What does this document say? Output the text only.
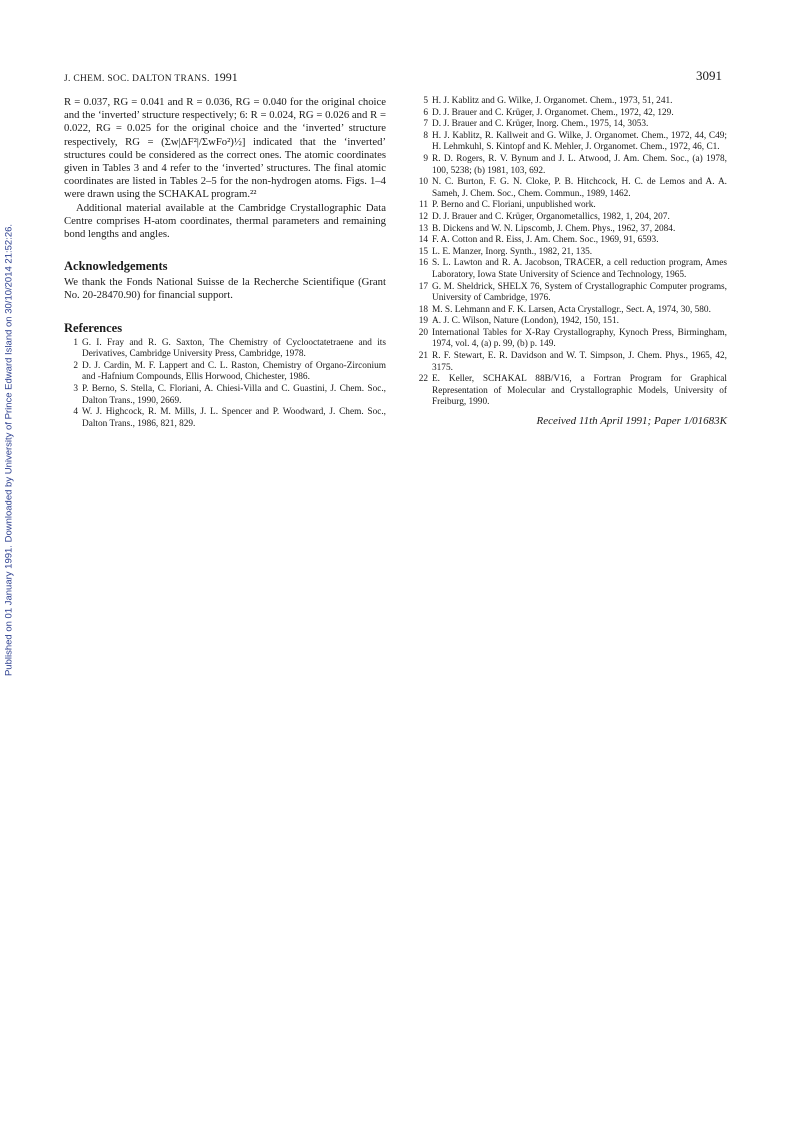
Published on 01 January 1991. Downloaded by University of Prince Edward Island on 30/10/2014 21:52:26.
J. CHEM. SOC. DALTON TRANS. 1991	3091

R = 0.037, RG = 0.041 and R = 0.036, RG = 0.040 for the original choice and the ‘inverted’ structure respectively; 6: R = 0.024, RG = 0.026 and R = 0.022, RG = 0.025 for the original choice and the ‘inverted’ structure respectively, RG = (Σw|ΔF²|/ΣwFo²)½] indicated that the ‘inverted’ structures could be considered as the correct ones. The atomic coordinates given in Tables 3 and 4 refer to the ‘inverted’ structures. The final atomic coordinates are listed in Tables 2–5 for the non-hydrogen atoms. Figs. 1–4 were drawn using the SCHAKAL program.²²

Additional material available at the Cambridge Crystallographic Data Centre comprises H-atom coordinates, thermal parameters and remaining bond lengths and angles.

Acknowledgements

We thank the Fonds National Suisse de la Recherche Scientifique (Grant No. 20-28470.90) for financial support.

References
1 G. I. Fray and R. G. Saxton, The Chemistry of Cyclooctatetraene and its Derivatives, Cambridge University Press, Cambridge, 1978.
2 D. J. Cardin, M. F. Lappert and C. L. Raston, Chemistry of Organo-Zirconium and -Hafnium Compounds, Ellis Horwood, Chichester, 1986.
3 P. Berno, S. Stella, C. Floriani, A. Chiesi-Villa and C. Guastini, J. Chem. Soc., Dalton Trans., 1990, 2669.
4 W. J. Highcock, R. M. Mills, J. L. Spencer and P. Woodward, J. Chem. Soc., Dalton Trans., 1986, 821, 829.
5 H. J. Kablitz and G. Wilke, J. Organomet. Chem., 1973, 51, 241.
6 D. J. Brauer and C. Krüger, J. Organomet. Chem., 1972, 42, 129.
7 D. J. Brauer and C. Krüger, Inorg. Chem., 1975, 14, 3053.
8 H. J. Kablitz, R. Kallweit and G. Wilke, J. Organomet. Chem., 1972, 44, C49; H. Lehmkuhl, S. Kintopf and K. Mehler, J. Organomet. Chem., 1972, 46, C1.
9 R. D. Rogers, R. V. Bynum and J. L. Atwood, J. Am. Chem. Soc., (a) 1978, 100, 5238; (b) 1981, 103, 692.
10 N. C. Burton, F. G. N. Cloke, P. B. Hitchcock, H. C. de Lemos and A. A. Sameh, J. Chem. Soc., Chem. Commun., 1989, 1462.
11 P. Berno and C. Floriani, unpublished work.
12 D. J. Brauer and C. Krüger, Organometallics, 1982, 1, 204, 207.
13 B. Dickens and W. N. Lipscomb, J. Chem. Phys., 1962, 37, 2084.
14 F. A. Cotton and R. Eiss, J. Am. Chem. Soc., 1969, 91, 6593.
15 L. E. Manzer, Inorg. Synth., 1982, 21, 135.
16 S. L. Lawton and R. A. Jacobson, TRACER, a cell reduction program, Ames Laboratory, Iowa State University of Science and Technology, 1965.
17 G. M. Sheldrick, SHELX 76, System of Crystallographic Computer programs, University of Cambridge, 1976.
18 M. S. Lehmann and F. K. Larsen, Acta Crystallogr., Sect. A, 1974, 30, 580.
19 A. J. C. Wilson, Nature (London), 1942, 150, 151.
20 International Tables for X-Ray Crystallography, Kynoch Press, Birmingham, 1974, vol. 4, (a) p. 99, (b) p. 149.
21 R. F. Stewart, E. R. Davidson and W. T. Simpson, J. Chem. Phys., 1965, 42, 3175.
22 E. Keller, SCHAKAL 88B/V16, a Fortran Program for Graphical Representation of Molecular and Crystallographic Models, University of Freiburg, 1990.
Received 11th April 1991; Paper 1/01683K
